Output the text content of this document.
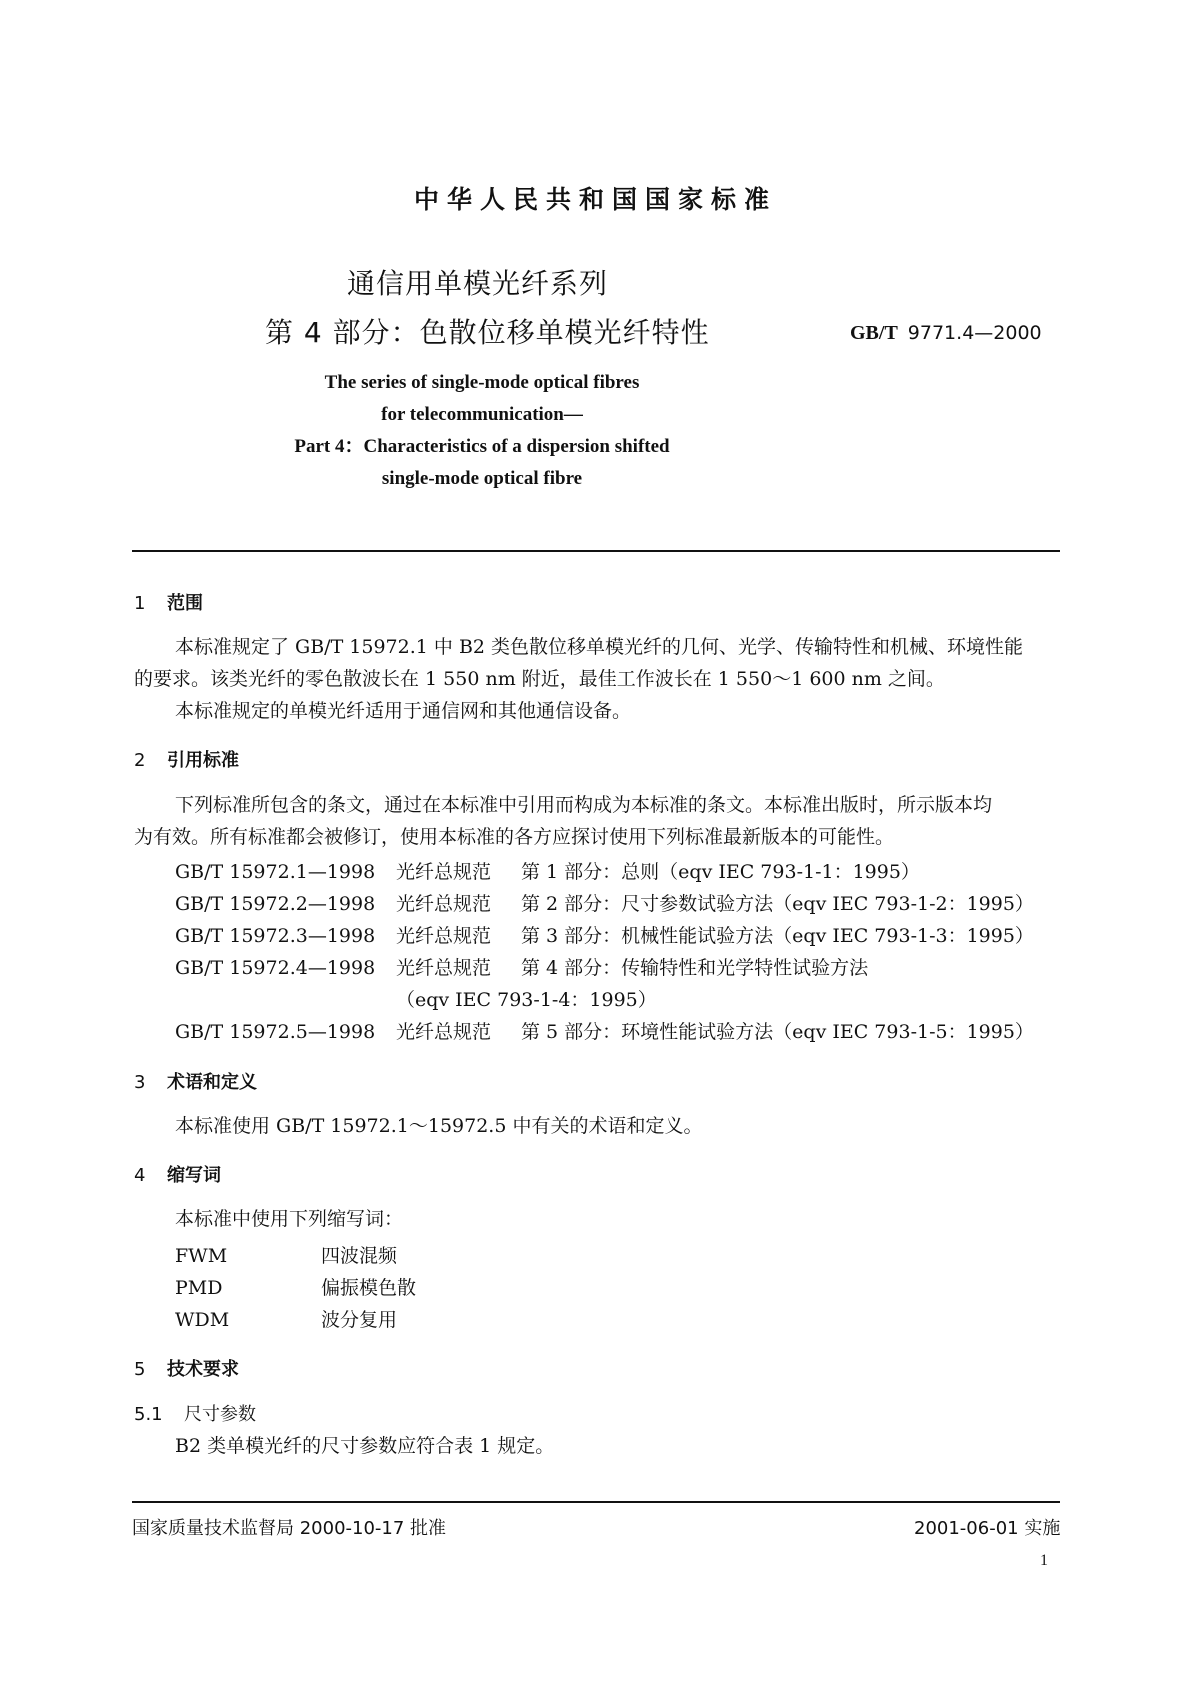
中华人民共和国国家标准
通信用单模光纤系列
第 4 部分：色散位移单模光纤特性	GB/T 9771.4—2000
The series of single-mode optical fibres
for telecommunication—
Part 4：Characteristics of a dispersion shifted
single-mode optical fibre
1 范围
本标准规定了 GB/T 15972.1 中 B2 类色散位移单模光纤的几何、光学、传输特性和机械、环境性能
的要求。该类光纤的零色散波长在 1 550 nm 附近，最佳工作波长在 1 550～1 600 nm 之间。
本标准规定的单模光纤适用于通信网和其他通信设备。
2 引用标准
下列标准所包含的条文，通过在本标准中引用而构成为本标准的条文。本标准出版时，所示版本均
为有效。所有标准都会被修订，使用本标准的各方应探讨使用下列标准最新版本的可能性。
GB/T 15972.1—1998 光纤总规范 第 1 部分：总则（eqv IEC 793-1-1：1995）
GB/T 15972.2—1998 光纤总规范 第 2 部分：尺寸参数试验方法（eqv IEC 793-1-2：1995）
GB/T 15972.3—1998 光纤总规范 第 3 部分：机械性能试验方法（eqv IEC 793-1-3：1995）
GB/T 15972.4—1998 光纤总规范 第 4 部分：传输特性和光学特性试验方法
（eqv IEC 793-1-4：1995）
GB/T 15972.5—1998 光纤总规范 第 5 部分：环境性能试验方法（eqv IEC 793-1-5：1995）
3 术语和定义
本标准使用 GB/T 15972.1～15972.5 中有关的术语和定义。
4 缩写词
本标准中使用下列缩写词：
FWM	四波混频
PMD	偏振模色散
WDM	波分复用
5 技术要求
5.1 尺寸参数
B2 类单模光纤的尺寸参数应符合表 1 规定。
国家质量技术监督局 2000-10-17 批准	2001-06-01 实施
1
